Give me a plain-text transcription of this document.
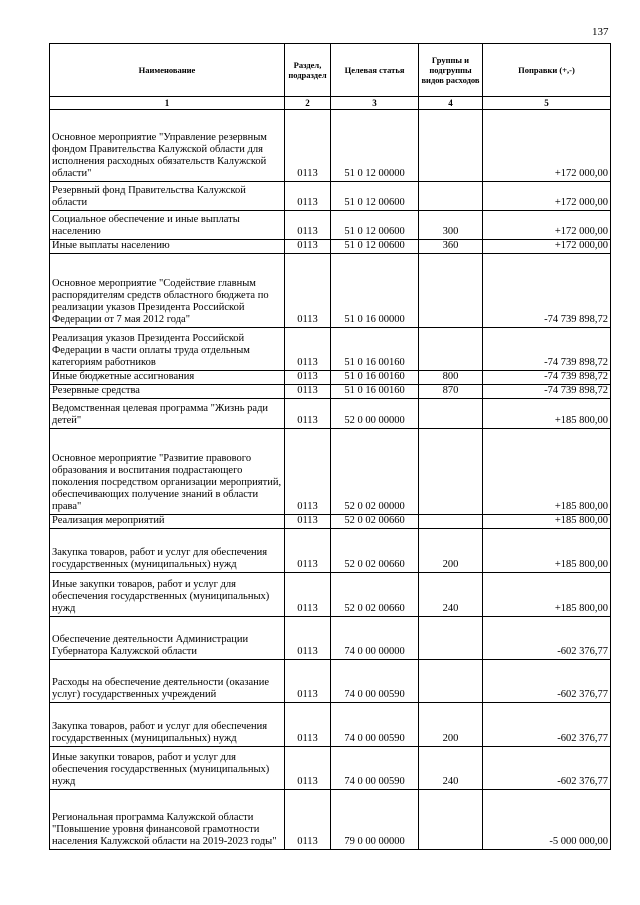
137
Наименование	Раздел, подраздел	Целевая статья	Группы и подгруппы видов расходов	Поправки (+,-)
1	2	3	4	5
Основное мероприятие "Управление резервным фондом Правительства Калужской области для исполнения расходных обязательств Калужской области"	0113	51 0 12 00000		+172 000,00
Резервный фонд Правительства Калужской области	0113	51 0 12 00600		+172 000,00
Социальное обеспечение и иные выплаты населению	0113	51 0 12 00600	300	+172 000,00
Иные выплаты населению	0113	51 0 12 00600	360	+172 000,00
Основное мероприятие "Содействие главным распорядителям средств областного бюджета по реализации указов Президента Российской Федерации от 7 мая 2012 года"	0113	51 0 16 00000		-74 739 898,72
Реализация указов Президента Российской Федерации в части оплаты труда отдельным категориям работников	0113	51 0 16 00160		-74 739 898,72
Иные бюджетные ассигнования	0113	51 0 16 00160	800	-74 739 898,72
Резервные средства	0113	51 0 16 00160	870	-74 739 898,72
Ведомственная целевая программа "Жизнь ради детей"	0113	52 0 00 00000		+185 800,00
Основное мероприятие "Развитие правового образования и воспитания подрастающего поколения посредством организации мероприятий, обеспечивающих получение знаний в области права"	0113	52 0 02 00000		+185 800,00
Реализация мероприятий	0113	52 0 02 00660		+185 800,00
Закупка товаров, работ и услуг для обеспечения государственных (муниципальных) нужд	0113	52 0 02 00660	200	+185 800,00
Иные закупки товаров, работ и услуг для обеспечения государственных (муниципальных) нужд	0113	52 0 02 00660	240	+185 800,00
Обеспечение деятельности Администрации Губернатора Калужской области	0113	74 0 00 00000		-602 376,77
Расходы на обеспечение деятельности (оказание услуг) государственных учреждений	0113	74 0 00 00590		-602 376,77
Закупка товаров, работ и услуг для обеспечения государственных (муниципальных) нужд	0113	74 0 00 00590	200	-602 376,77
Иные закупки товаров, работ и услуг для обеспечения государственных (муниципальных) нужд	0113	74 0 00 00590	240	-602 376,77
Региональная программа Калужской области "Повышение уровня финансовой грамотности населения Калужской области на 2019-2023 годы"	0113	79 0 00 00000		-5 000 000,00
